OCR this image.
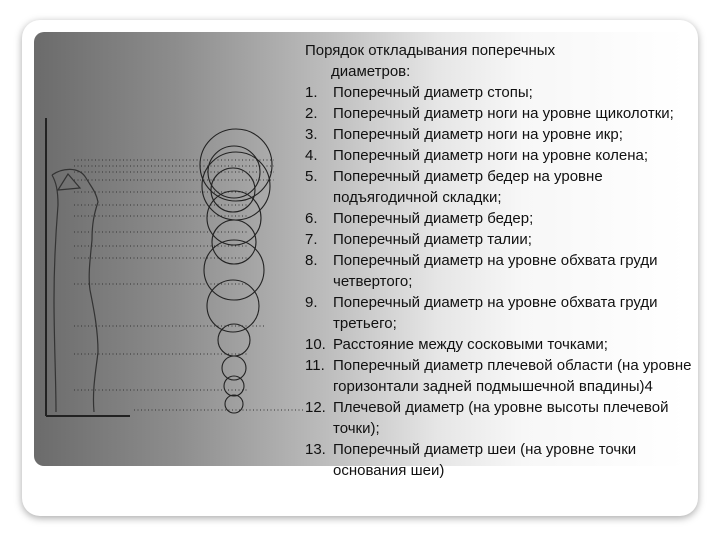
Порядок откладывания поперечных
диаметров:
1.	Поперечный диаметр стопы;
2.	Поперечный диаметр ноги на уровне щиколотки;
3.	Поперечный диаметр ноги на уровне икр;
4.	Поперечный диаметр ноги на уровне колена;
5.	Поперечный диаметр бедер на уровне подъягодичной складки;
6.	Поперечный диаметр бедер;
7.	Поперечный диаметр талии;
8.	Поперечный диаметр на уровне обхвата груди четвертого;
9.	Поперечный диаметр на уровне обхвата груди третьего;
10. Расстояние между сосковыми точками;
11. Поперечный диаметр плечевой области (на уровне горизонтали задней подмышечной впадины)4
12. Плечевой диаметр (на уровне высоты плечевой точки);
13. Поперечный диаметр шеи (на уровне точки основания шеи)
